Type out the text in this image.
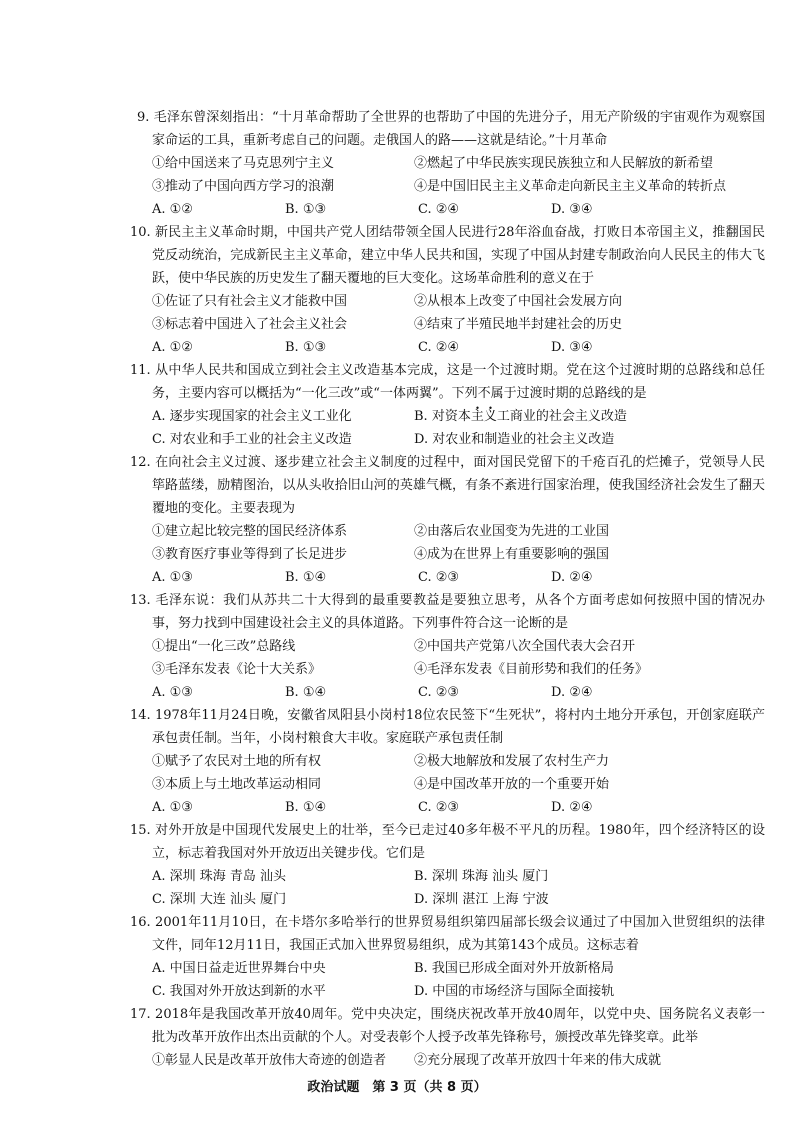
9. 毛泽东曾深刻指出：“十月革命帮助了全世界的也帮助了中国的先进分子，用无产阶级的宇宙观作为观察国家命运的工具，重新考虑自己的问题。走俄国人的路——这就是结论。”十月革命
①给中国送来了马克思列宁主义	②燃起了中华民族实现民族独立和人民解放的新希望
③推动了中国向西方学习的浪潮	④是中国旧民主主义革命走向新民主主义革命的转折点
A. ①②	B. ①③	C. ②④	D. ③④
10. 新民主主义革命时期，中国共产党人团结带领全国人民进行28年浴血奋战，打败日本帝国主义，推翻国民党反动统治，完成新民主主义革命，建立中华人民共和国，实现了中国从封建专制政治向人民民主的伟大飞跃，使中华民族的历史发生了翻天覆地的巨大变化。这场革命胜利的意义在于
①佐证了只有社会主义才能救中国	②从根本上改变了中国社会发展方向
③标志着中国进入了社会主义社会	④结束了半殖民地半封建社会的历史
A. ①②	B. ①③	C. ②④	D. ③④
11. 从中华人民共和国成立到社会主义改造基本完成，这是一个过渡时期。党在这个过渡时期的总路线和总任务，主要内容可以概括为“一化三改”或“一体两翼”。下列不属于过渡时期的总路线的是
A. 逐步实现国家的社会主义工业化	B. 对资本主义工商业的社会主义改造
C. 对农业和手工业的社会主义改造	D. 对农业和制造业的社会主义改造
12. 在向社会主义过渡、逐步建立社会主义制度的过程中，面对国民党留下的千疮百孔的烂摊子，党领导人民筚路蓝缕，励精图治，以从头收拾旧山河的英雄气概，有条不紊进行国家治理，使我国经济社会发生了翻天覆地的变化。主要表现为
①建立起比较完整的国民经济体系	②由落后农业国变为先进的工业国
③教育医疗事业等得到了长足进步	④成为在世界上有重要影响的强国
A. ①③	B. ①④	C. ②③	D. ②④
13. 毛泽东说：我们从苏共二十大得到的最重要教益是要独立思考，从各个方面考虑如何按照中国的情况办事，努力找到中国建设社会主义的具体道路。下列事件符合这一论断的是
①提出“一化三改”总路线	②中国共产党第八次全国代表大会召开
③毛泽东发表《论十大关系》	④毛泽东发表《目前形势和我们的任务》
A. ①③	B. ①④	C. ②③	D. ②④
14. 1978年11月24日晚，安徽省凤阳县小岗村18位农民签下“生死状”，将村内土地分开承包，开创家庭联产承包责任制。当年，小岗村粮食大丰收。家庭联产承包责任制
①赋予了农民对土地的所有权	②极大地解放和发展了农村生产力
③本质上与土地改革运动相同	④是中国改革开放的一个重要开始
A. ①③	B. ①④	C. ②③	D. ②④
15. 对外开放是中国现代发展史上的壮举，至今已走过40多年极不平凡的历程。1980年，四个经济特区的设立，标志着我国对外开放迈出关键步伐。它们是
A. 深圳 珠海 青岛 汕头	B. 深圳 珠海 汕头 厦门
C. 深圳 大连 汕头 厦门	D. 深圳 湛江 上海 宁波
16. 2001年11月10日，在卡塔尔多哈举行的世界贸易组织第四届部长级会议通过了中国加入世贸组织的法律文件，同年12月11日，我国正式加入世界贸易组织，成为其第143个成员。这标志着
A. 中国日益走近世界舞台中央	B. 我国已形成全面对外开放新格局
C. 我国对外开放达到新的水平	D. 中国的市场经济与国际全面接轨
17. 2018年是我国改革开放40周年。党中央决定，围绕庆祝改革开放40周年，以党中央、国务院名义表彰一批为改革开放作出杰出贡献的个人。对受表彰个人授予改革先锋称号，颁授改革先锋奖章。此举
①彰显人民是改革开放伟大奇迹的创造者	②充分展现了改革开放四十年来的伟大成就
政治试题　第 3 页（共 8 页）
